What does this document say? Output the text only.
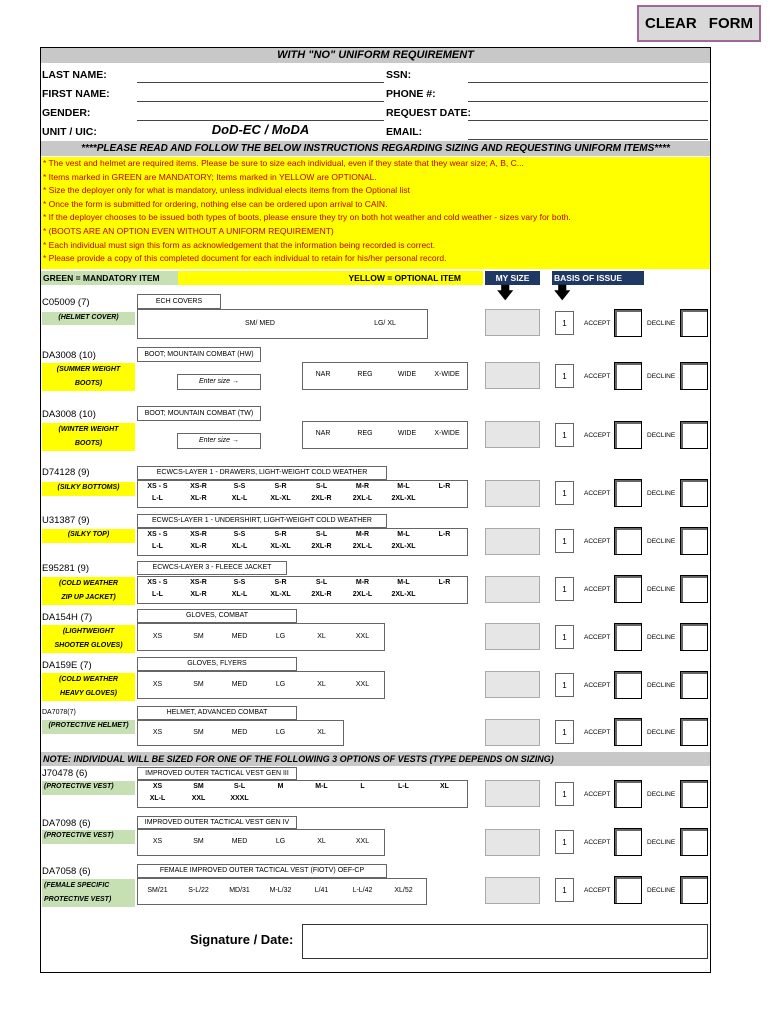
CLEAR FORM
WITH "NO" UNIFORM REQUIREMENT
LAST NAME:	SSN:
FIRST NAME:	PHONE #:
GENDER:	REQUEST DATE:
UNIT / UIC:	DoD-EC / MoDA	EMAIL:
****PLEASE READ AND FOLLOW THE BELOW INSTRUCTIONS REGARDING SIZING AND REQUESTING UNIFORM ITEMS****
* The vest and helmet are required items. Please be sure to size each individual, even if they state that they wear size; A, B, C...
* Items marked in GREEN are MANDATORY; Items marked in YELLOW are OPTIONAL.
* Size the deployer only for what is mandatory, unless individual elects items from the Optional list
* Once the form is submitted for ordering, nothing else can be ordered upon arrival to CAIN.
* If the deployer chooses to be issued both types of boots, please ensure they try on both hot weather and cold weather - sizes vary for both.
* (BOOTS ARE AN OPTION EVEN WITHOUT A UNIFORM REQUIREMENT)
* Each individual must sign this form as acknowledgement that the information being recorded is correct.
* Please provide a copy of this completed document for each individual to retain for his/her personal record.
GREEN = MANDATORY ITEM	YELLOW = OPTIONAL ITEM	MY SIZE	BASIS OF ISSUE
🡇	🡇
C05009 (7)	ECH COVERS
(HELMET COVER)
SM/ MED	LG/ XL	1	ACCEPT	DECLINE
DA3008 (10)	BOOT; MOUNTAIN COMBAT (HW)
(SUMMER WEIGHT
BOOTS)	Enter size →
NAR	REG	WIDE	X-WIDE	1	ACCEPT	DECLINE
DA3008 (10)	BOOT; MOUNTAIN COMBAT (TW)
(WINTER WEIGHT
BOOTS)	Enter size →
NAR	REG	WIDE	X-WIDE	1	ACCEPT	DECLINE
D74128 (9)	ECWCS-LAYER 1 - DRAWERS, LIGHT-WEIGHT COLD WEATHER
(SILKY BOTTOMS)	XS - S	XS-R	S-S	S-R	S-L	M-R	M-L	L-R
L-L	XL-R	XL-L	XL-XL	2XL-R	2XL-L	2XL-XL
1	ACCEPT	DECLINE
U31387 (9)	ECWCS-LAYER 1 - UNDERSHIRT, LIGHT-WEIGHT COLD WEATHER
(SILKY TOP)	XS - S	XS-R	S-S	S-R	S-L	M-R	M-L	L-R
L-L	XL-R	XL-L	XL-XL	2XL-R	2XL-L	2XL-XL
1	ACCEPT	DECLINE
E95281 (9)	ECWCS-LAYER 3 - FLEECE JACKET
(COLD WEATHER
ZIP UP JACKET)
XS - S	XS-R	S-S	S-R	S-L	M-R	M-L	L-R
L-L	XL-R	XL-L	XL-XL	2XL-R	2XL-L	2XL-XL
1	ACCEPT	DECLINE
DA154H (7)	GLOVES, COMBAT
(LIGHTWEIGHT
SHOOTER GLOVES)
XS	SM	MED	LG	XL	XXL	1	ACCEPT	DECLINE
DA159E (7)	GLOVES, FLYERS
(COLD WEATHER
HEAVY GLOVES)
XS	SM	MED	LG	XL	XXL	1	ACCEPT	DECLINE
DA7078(7)	HELMET, ADVANCED COMBAT
(PROTECTIVE HELMET)
XS	SM	MED	LG	XL	1	ACCEPT	DECLINE
NOTE: INDIVIDUAL WILL BE SIZED FOR ONE OF THE FOLLOWING 3 OPTIONS OF VESTS (TYPE DEPENDS ON SIZING)
J70478 (6)	IMPROVED OUTER TACTICAL VEST GEN III
(PROTECTIVE VEST)	XS	SM	S-L	M	M-L	L	L-L	XL
XL-L	XXL	XXXL	1	ACCEPT	DECLINE
DA7098 (6)	IMPROVED OUTER TACTICAL VEST GEN IV
(PROTECTIVE VEST)
XS	SM	MED	LG	XL	XXL	1	ACCEPT	DECLINE
DA7058 (6)	FEMALE IMPROVED OUTER TACTICAL VEST (FIOTV) OEF-CP
(FEMALE SPECIFIC
PROTECTIVE VEST)
SM/21	S-L/22	MD/31	M-L/32	L/41	L-L/42	XL/52	1	ACCEPT	DECLINE
Signature / Date:
